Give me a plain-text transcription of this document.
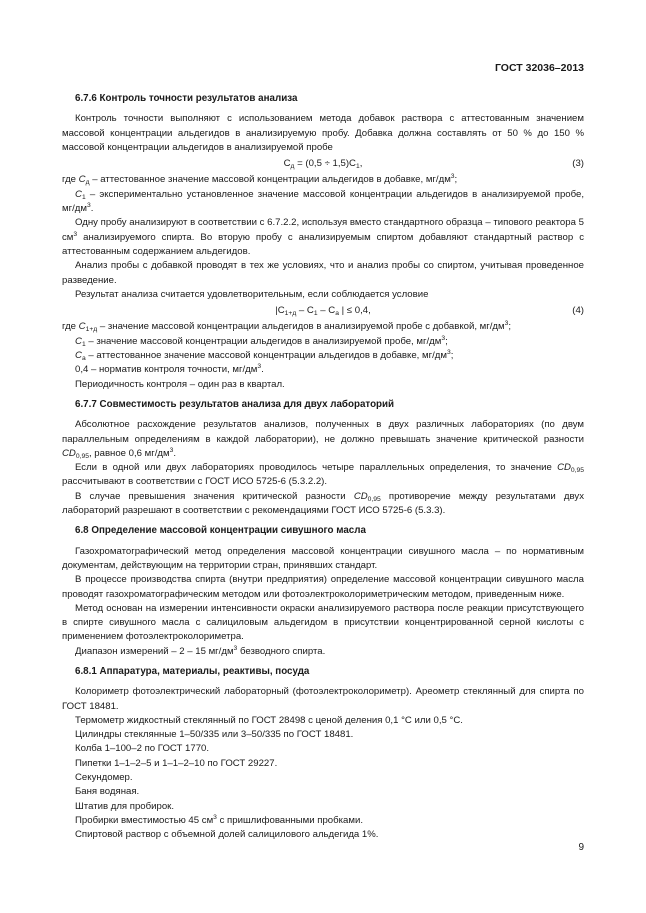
ГОСТ 32036–2013
6.7.6 Контроль точности результатов анализа

Контроль точности выполняют с использованием метода добавок раствора с аттестованным значением массовой концентрации альдегидов в анализируемую пробу. Добавка должна составлять от 50 % до 150 % массовой концентрации альдегидов в анализируемой пробе

$С_д = (0,5 \div 1,5)С_1$,	(3)

где $С_д$ – аттестованное значение массовой концентрации альдегидов в добавке, $мг/дм^3$;

$С_1$ – экспериментально установленное значение массовой концентрации альдегидов в анализируемой пробе, $мг/дм^3$.

Одну пробу анализируют в соответствии с 6.7.2.2, используя вместо стандартного образца – типового реактора 5 $см^3$ анализируемого спирта. Во вторую пробу с анализируемым спиртом добавляют стандартный раствор с аттестованным содержанием альдегидов.

Анализ пробы с добавкой проводят в тех же условиях, что и анализ пробы со спиртом, учитывая проведенное разведение.

Результат анализа считается удовлетворительным, если соблюдается условие

$|С_{1+д} - С_1 - С_а$ | ≤ 0,4,	(4)

где $С_{1+д}$ – значение массовой концентрации альдегидов в анализируемой пробе с добавкой, $мг/дм^3$;

$С_1$ – значение массовой концентрации альдегидов в анализируемой пробе, $мг/дм^3$;

$С_а$ – аттестованное значение массовой концентрации альдегидов в добавке, $мг/дм^3$;

0,4 – норматив контроля точности, $мг/дм^3$.

Периодичность контроля – один раз в квартал.

6.7.7 Совместимость результатов анализа для двух лабораторий

Абсолютное расхождение результатов анализов, полученных в двух различных лабораториях (по двум параллельным определениям в каждой лаборатории), не должно превышать значение критической разности $CD_{0,95}$, равное 0,6 $мг/дм^3$.

Если в одной или двух лабораториях проводилось четыре параллельных определения, то значение $CD_{0,95}$ рассчитывают в соответствии с ГОСТ ИСО 5725-6 (5.3.2.2).

В случае превышения значения критической разности $CD_{0,95}$ противоречие между результатами двух лабораторий разрешают в соответствии с рекомендациями ГОСТ ИСО 5725-6 (5.3.3).

6.8 Определение массовой концентрации сивушного масла

Газохроматографический метод определения массовой концентрации сивушного масла – по нормативным документам, действующим на территории стран, принявших стандарт.

В процессе производства спирта (внутри предприятия) определение массовой концентрации сивушного масла проводят газохроматографическим методом или фотоэлектроколориметрическим методом, приведенным ниже.

Метод основан на измерении интенсивности окраски анализируемого раствора после реакции присутствующего в спирте сивушного масла с салициловым альдегидом в присутствии концентрированной серной кислоты с применением фотоэлектроколориметра.

Диапазон измерений – 2 – 15 $мг/дм^3$ безводного спирта.

6.8.1 Аппаратура, материалы, реактивы, посуда

Колориметр фотоэлектрический лабораторный (фотоэлектроколориметр). Ареометр стеклянный для спирта по ГОСТ 18481.

Термометр жидкостный стеклянный по ГОСТ 28498 с ценой деления 0,1 °С или 0,5 °С.

Цилиндры стеклянные 1–50/335 или 3–50/335 по ГОСТ 18481.

Колба 1–100–2 по ГОСТ 1770.

Пипетки 1–1–2–5 и 1–1–2–10 по ГОСТ 29227.

Секундомер.

Баня водяная.

Штатив для пробирок.

Пробирки вместимостью 45 $см^3$ с пришлифованными пробками.

Спиртовой раствор с объемной долей салицилового альдегида 1%.

9
